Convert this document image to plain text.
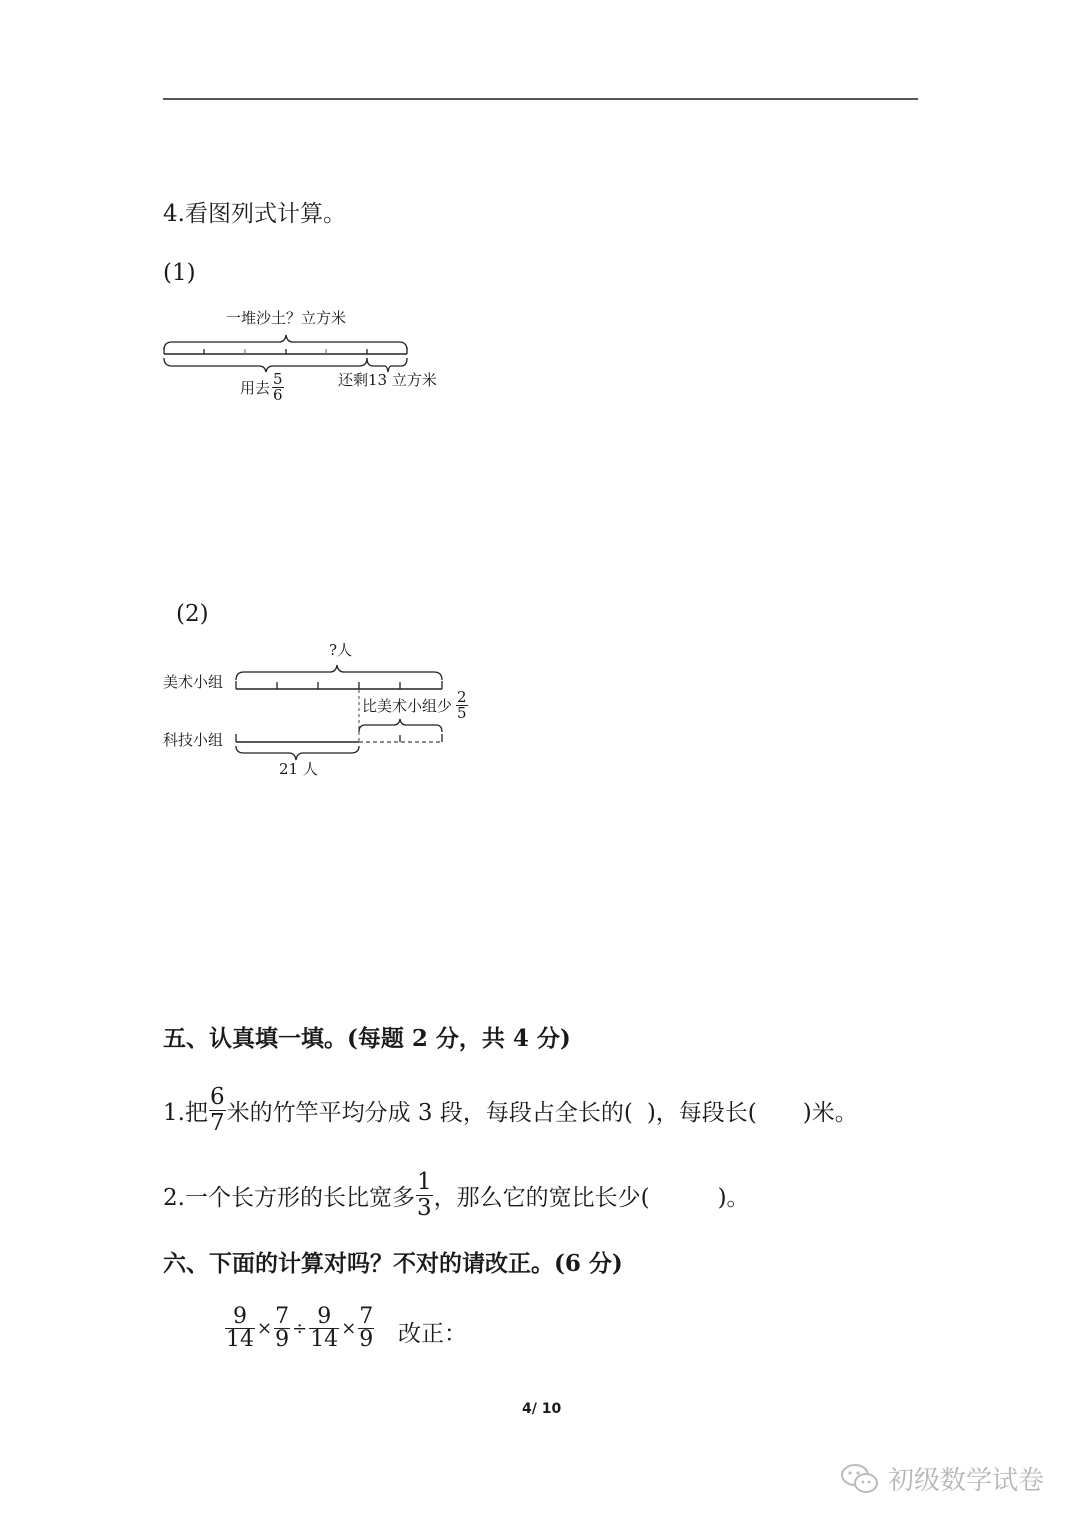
4.看图列式计算。
(1)
一堆沙土？立方米
用去 $\frac{5}{6}$	还剩13 立方米
(2)
?人
美术小组
科技小组
比美术小组少 $\frac{2}{5}$
21 人
五、认真填一填。(每题 2 分，共 4 分)
1.把 $\frac{6}{7}$ 米的竹竿平均分成 3 段，每段占全长的( )，每段长( )米。
2.一个长方形的长比宽多 $\frac{1}{3}$ ，那么它的宽比长少(	)。
六、下面的计算对吗？不对的请改正。(6 分)
$\frac{9}{14} \times \frac{7}{9} \div \frac{9}{14} \times \frac{7}{9}$ 改正：
4/ 10
初级数学试卷
